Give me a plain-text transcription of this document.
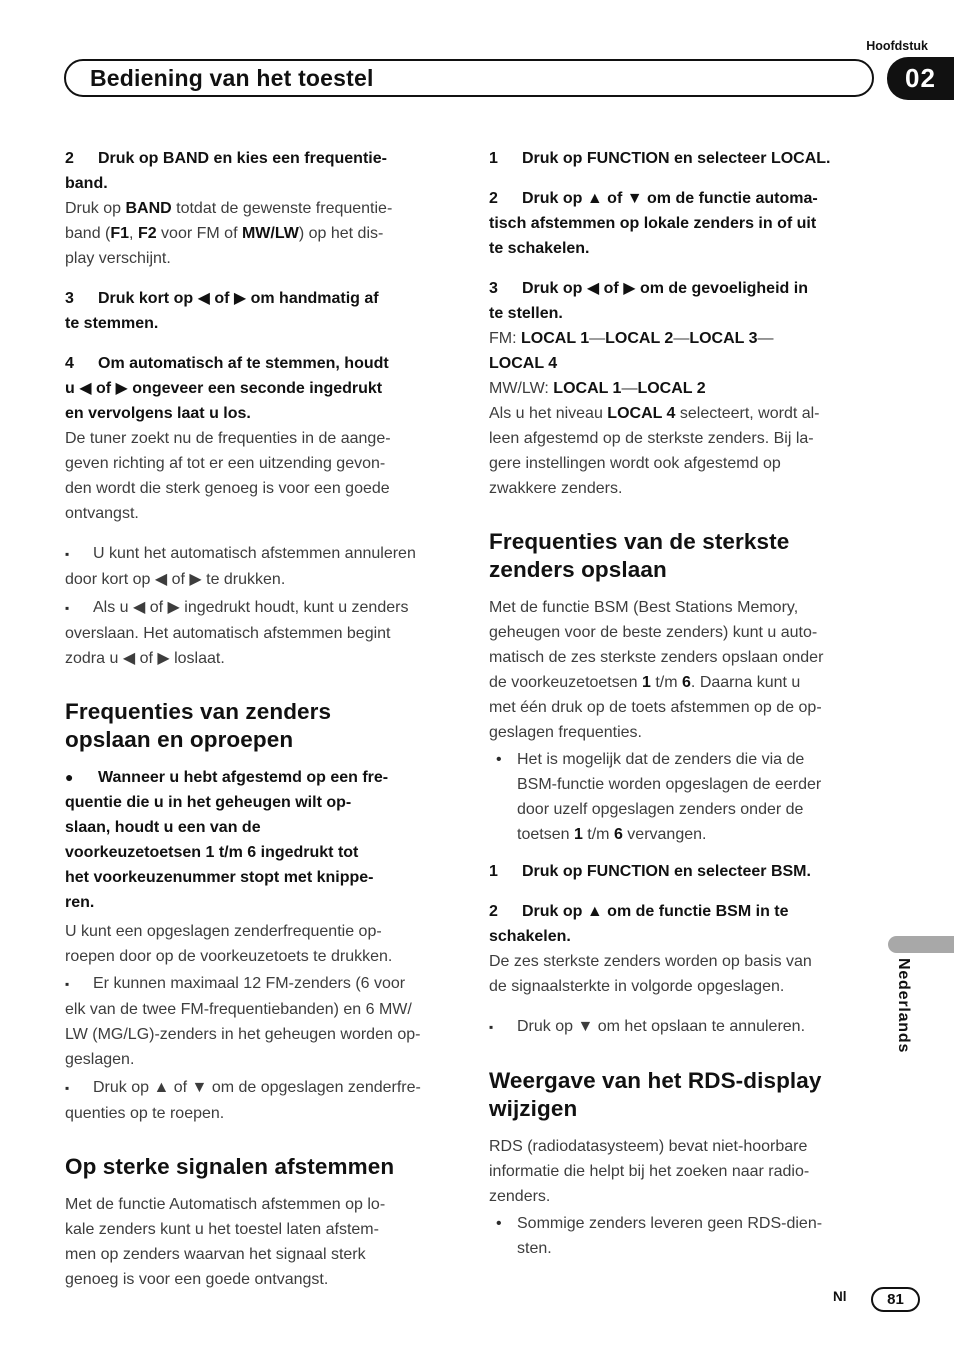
Hoofdstuk
Bediening van het toestel	02

2 Druk op BAND en kies een frequentie-
band.

Druk op BAND totdat de gewenste frequentie-
band (F1, F2 voor FM of MW/LW) op het dis-
play verschijnt.

3 Druk kort op ◀ of ▶ om handmatig af
te stemmen.

4 Om automatisch af te stemmen, houdt
u ◀ of ▶ ongeveer een seconde ingedrukt
en vervolgens laat u los.

De tuner zoekt nu de frequenties in de aange-
geven richting af tot er een uitzending gevon-
den wordt die sterk genoeg is voor een goede
ontvangst.

▪ U kunt het automatisch afstemmen annuleren
door kort op ◀ of ▶ te drukken.

▪ Als u ◀ of ▶ ingedrukt houdt, kunt u zenders
overslaan. Het automatisch afstemmen begint
zodra u ◀ of ▶ loslaat.

Frequenties van zenders
opslaan en oproepen

● Wanneer u hebt afgestemd op een fre-
quentie die u in het geheugen wilt op-
slaan, houdt u een van de
voorkeuzetoetsen 1 t/m 6 ingedrukt tot
het voorkeuzenummer stopt met knippe-
ren.

U kunt een opgeslagen zenderfrequentie op-
roepen door op de voorkeuzetoets te drukken.

▪ Er kunnen maximaal 12 FM-zenders (6 voor
elk van de twee FM-frequentiebanden) en 6 MW/
LW (MG/LG)-zenders in het geheugen worden op-
geslagen.

▪ Druk op ▲ of ▼ om de opgeslagen zenderfre-
quenties op te roepen.

Op sterke signalen afstemmen

Met de functie Automatisch afstemmen op lo-
kale zenders kunt u het toestel laten afstem-
men op zenders waarvan het signaal sterk
genoeg is voor een goede ontvangst.

1 Druk op FUNCTION en selecteer LOCAL.

2 Druk op ▲ of ▼ om de functie automa-
tisch afstemmen op lokale zenders in of uit
te schakelen.

3 Druk op ◀ of ▶ om de gevoeligheid in
te stellen.

FM: LOCAL 1—LOCAL 2—LOCAL 3—
LOCAL 4
MW/LW: LOCAL 1—LOCAL 2
Als u het niveau LOCAL 4 selecteert, wordt al-
leen afgestemd op de sterkste zenders. Bij la-
gere instellingen wordt ook afgestemd op
zwakkere zenders.

Frequenties van de sterkste
zenders opslaan

Met de functie BSM (Best Stations Memory,
geheugen voor de beste zenders) kunt u auto-
matisch de zes sterkste zenders opslaan onder
de voorkeuzetoetsen 1 t/m 6. Daarna kunt u
met één druk op de toets afstemmen op de op-
geslagen frequenties.

• Het is mogelijk dat de zenders die via de
BSM-functie worden opgeslagen de eerder
door uzelf opgeslagen zenders onder de
toetsen 1 t/m 6 vervangen.

1 Druk op FUNCTION en selecteer BSM.

2 Druk op ▲ om de functie BSM in te
schakelen.

De zes sterkste zenders worden op basis van
de signaalsterkte in volgorde opgeslagen.

▪ Druk op ▼ om het opslaan te annuleren.

Weergave van het RDS-display
wijzigen

RDS (radiodatasysteem) bevat niet-hoorbare
informatie die helpt bij het zoeken naar radio-
zenders.

• Sommige zenders leveren geen RDS-dien-
sten.
Nederlands
Nl	81
